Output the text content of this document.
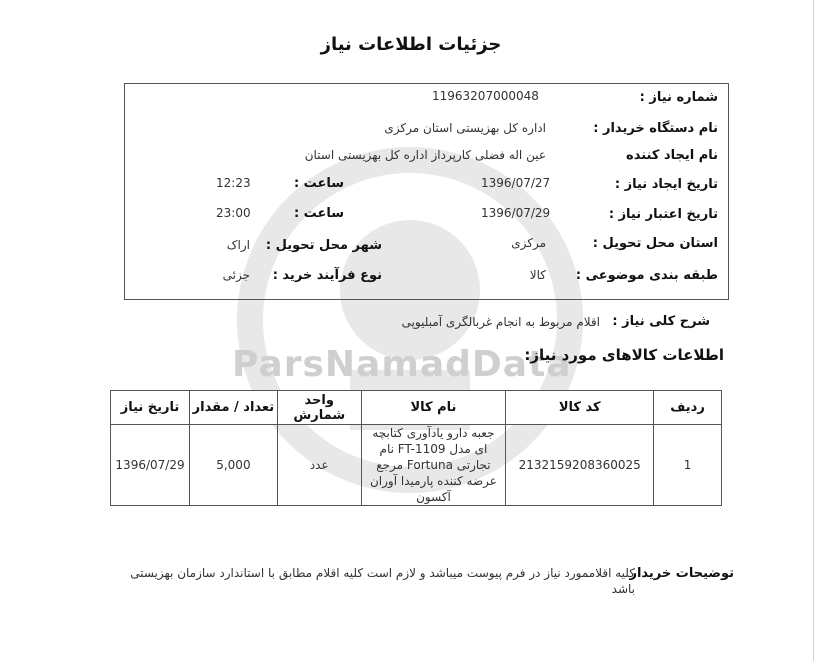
ParsNamadData
جزئیات اطلاعات نیاز
شماره نیاز :
11963207000048
نام دستگاه خریدار :
اداره کل بهزیستی استان مرکزی
نام ایجاد کننده
عین اله فضلی کارپرداز اداره کل بهزیستی استان
تاریخ ایجاد نیاز :
1396/07/27
ساعت :
12:23
تاریخ اعتبار نیاز :
1396/07/29
ساعت :
23:00
استان محل تحویل :
مرکزی
شهر محل تحویل :
اراک
طبقه بندی موضوعی :
کالا
نوع فرآیند خرید :
جزئی
شرح کلی نیاز :
اقلام مربوط به انجام غربالگری آمبلیوپی
اطلاعات کالاهای مورد نیاز:
ردیف	کد کالا	نام کالا	واحد شمارش	تعداد / مقدار	تاریخ نیاز
1	2132159208360025	جعبه دارو یادآوری کتابچه ای مدل FT-1109 نام تجارتی Fortuna مرجع عرضه کننده پارمیدا آوران آکسون	عدد	5,000	1396/07/29
توضیحات خریدار
کلیه اقلاممورد نیاز در فرم پیوست میباشد و لازم است کلیه اقلام مطابق با استاندارد سازمان بهزیستی باشد
